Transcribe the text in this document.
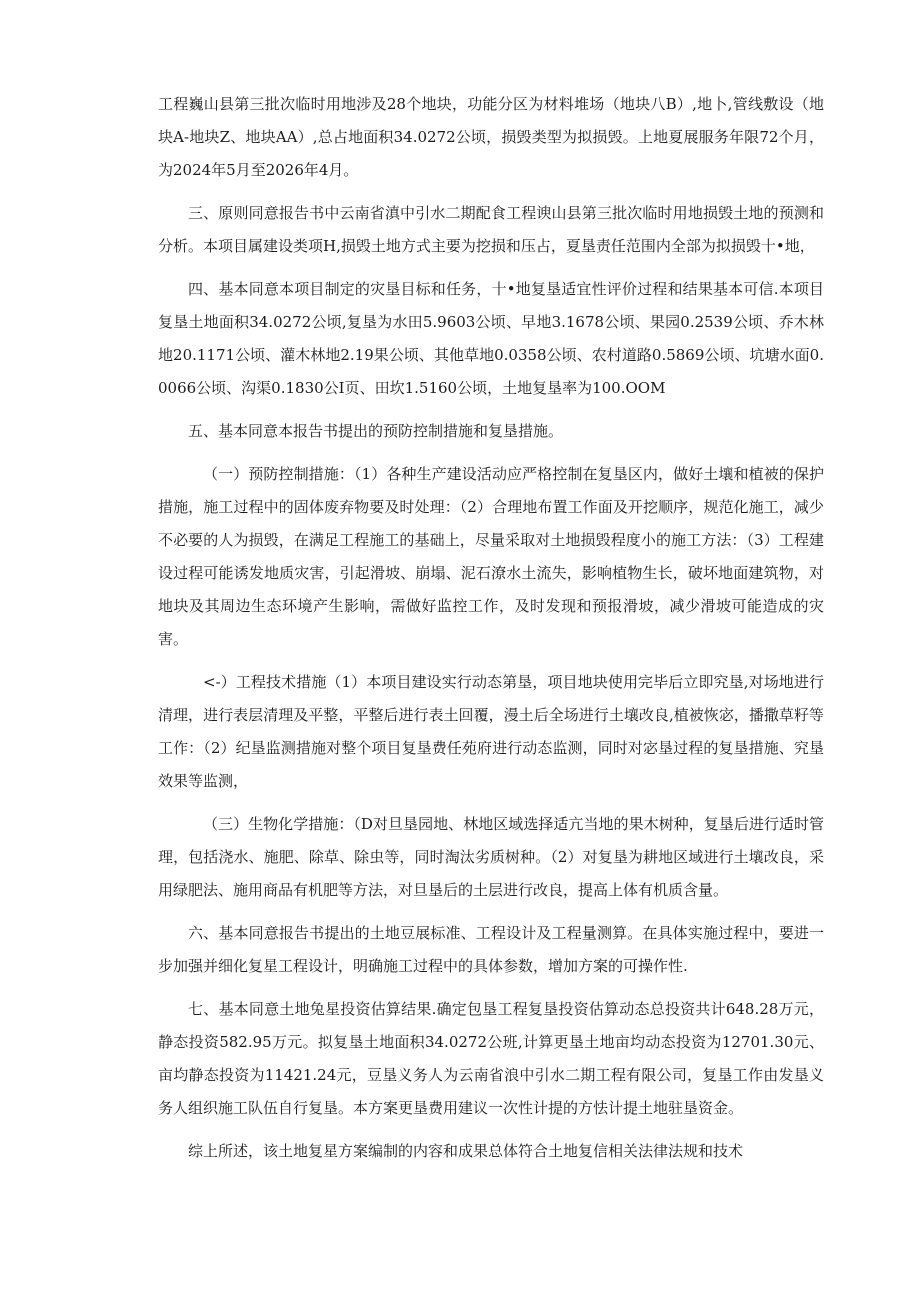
工程巍山县第三批次临时用地涉及28个地块，功能分区为材料堆场（地块八B）,地卜,管线敷设（地块A-地块Z、地块AA）,总占地面积34.0272公顷，损毁类型为拟损毁。上地夏展服务年限72个月，为2024年5月至2026年4月。

三、原则同意报告书中云南省滇中引水二期配食工程谀山县第三批次临时用地损毁土地的预测和分析。本项目属建设类项H,损毁土地方式主要为挖损和压占，夏垦责任范围内全部为拟损毁十•地，

四、基本同意本项目制定的灾垦目标和任务，十•地复垦适宜性评价过程和结果基本可信.本项目复垦土地面积34.0272公顷,复垦为水田5.9603公顷、早地3.1678公顷、果园0.2539公顷、乔木林地20.1171公顷、灌木林地2.19果公顷、其他草地0.0358公顷、农村道路0.5869公顷、坑塘水面0.0066公顷、沟渠0.1830公I页、田坎1.5160公顷，土地复垦率为100.OOM

五、基本同意本报告书提出的预防控制措施和复垦措施。

（一）预防控制措施：（1）各种生产建设活动应严格控制在复垦区内，做好土壤和植被的保护措施，施工过程中的固体废弃物要及时处理：（2）合理地布置工作面及开挖顺序，规范化施工，减少不必要的人为损毁，在满足工程施工的基础上，尽量采取对土地损毁程度小的施工方法：（3）工程建设过程可能诱发地质灾害，引起滑坡、崩塌、泥石潦水土流失，影响植物生长，破坏地面建筑物，对地块及其周边生态环境产生影响，需做好监控工作，及时发现和预报滑坡，减少滑坡可能造成的灾害。

<-）工程技术措施（1）本项目建设实行动态第垦，项目地块使用完毕后立即究垦,对场地进行清理，进行表层清理及平整，平整后进行表土回覆，漫土后全场进行土壤改良,植被恢宓，播撒草籽等工作：（2）纪垦监测措施对整个项目复垦费任苑府进行动态监测，同时对宓垦过程的复垦措施、究垦效果等监测，

（三）生物化学措施：（D对旦垦园地、林地区域选择适亢当地的果木树种，复垦后进行适时管理，包括浇水、施肥、除草、除虫等，同时淘汰劣质树种。（2）对复垦为耕地区域进行土壤改良，采用绿肥法、施用商品有机肥等方法，对旦垦后的土层进行改良，提高上体有机质含量。

六、基本同意报告书提出的土地豆展标准、工程设计及工程量测算。在具体实施过程中，要进一步加强并细化复星工程设计，明确施工过程中的具体参数，增加方案的可操作性.

七、基本同意土地兔星投资估算结果.确定包垦工程复垦投资估算动态总投资共计648.28万元，静态投资582.95万元。拟复垦土地面积34.0272公班,计算更垦土地亩均动态投资为12701.30元、亩均静态投资为11421.24元，豆垦义务人为云南省浪中引水二期工程有限公司，复垦工作由发垦义务人组织施工队伍自行复垦。本方案更垦费用建议一次性计提的方怯计提土地驻垦资金。

综上所述，该土地复星方案编制的内容和成果总体符合土地复信相关法律法规和技术
